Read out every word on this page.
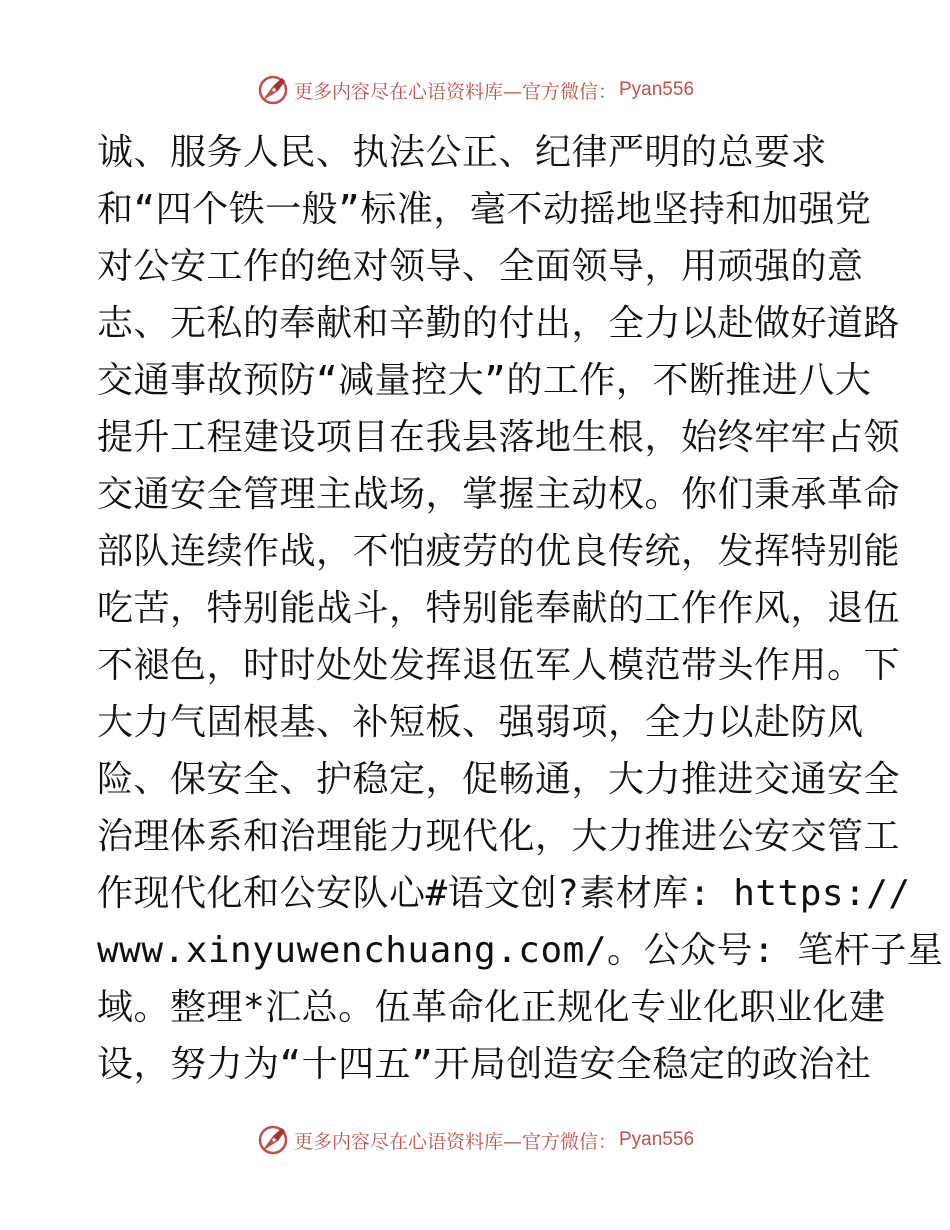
更多内容尽在心语资料库—官方微信： Pyan556
诚、服务人民、执法公正、纪律严明的总要求
和“四个铁一般”标准，毫不动摇地坚持和加强党
对公安工作的绝对领导、全面领导，用顽强的意
志、无私的奉献和辛勤的付出，全力以赴做好道路
交通事故预防“减量控大”的工作，不断推进八大
提升工程建设项目在我县落地生根，始终牢牢占领
交通安全管理主战场，掌握主动权。你们秉承革命
部队连续作战，不怕疲劳的优良传统，发挥特别能
吃苦，特别能战斗，特别能奉献的工作作风，退伍
不褪色，时时处处发挥退伍军人模范带头作用。下
大力气固根基、补短板、强弱项，全力以赴防风
险、保安全、护稳定，促畅通，大力推进交通安全
治理体系和治理能力现代化，大力推进公安交管工
作现代化和公安队心#语文创?素材库: https://
www.xinyuwenchuang.com/。公众号: 笔杆子星
域。整理*汇总。伍革命化正规化专业化职业化建
设，努力为“十四五”开局创造安全稳定的政治社
更多内容尽在心语资料库—官方微信： Pyan556
